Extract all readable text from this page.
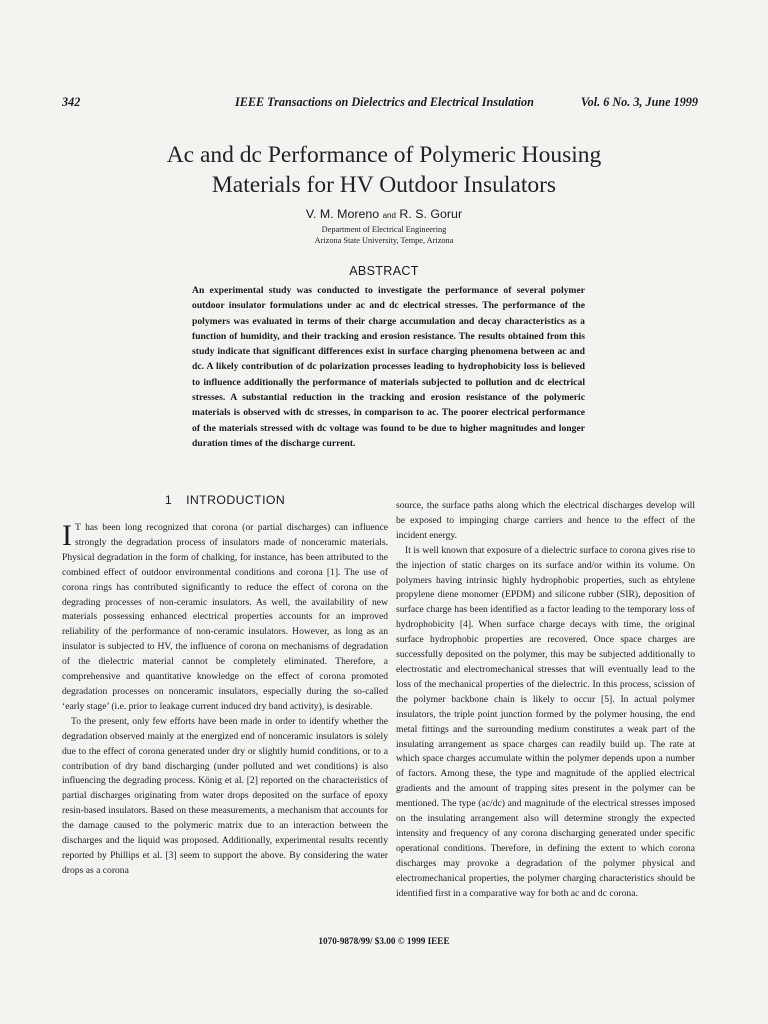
342	IEEE Transactions on Dielectrics and Electrical Insulation	Vol. 6 No. 3, June 1999
Ac and dc Performance of Polymeric Housing
Materials for HV Outdoor Insulators
V. M. Moreno and R. S. Gorur
Department of Electrical Engineering
Arizona State University, Tempe, Arizona
ABSTRACT
An experimental study was conducted to investigate the performance of several polymer outdoor insulator formulations under ac and dc electrical stresses. The performance of the polymers was evaluated in terms of their charge accumulation and decay characteristics as a function of humidity, and their tracking and erosion resistance. The results obtained from this study indicate that significant differences exist in surface charging phenomena between ac and dc. A likely contribution of dc polarization processes leading to hydrophobicity loss is believed to influence additionally the performance of materials subjected to pollution and dc electrical stresses. A substantial reduction in the tracking and erosion resistance of the polymeric materials is observed with dc stresses, in comparison to ac. The poorer electrical performance of the materials stressed with dc voltage was found to be due to higher magnitudes and longer duration times of the discharge current.
1 INTRODUCTION

I T has been long recognized that corona (or partial discharges) can influence strongly the degradation process of insulators made of nonceramic materials. Physical degradation in the form of chalking, for instance, has been attributed to the combined effect of outdoor environmental conditions and corona [1]. The use of corona rings has contributed significantly to reduce the effect of corona on the degrading processes of non-ceramic insulators. As well, the availability of new materials possessing enhanced electrical properties accounts for an improved reliability of the performance of non-ceramic insulators. However, as long as an insulator is subjected to HV, the influence of corona on mechanisms of degradation of the dielectric material cannot be completely eliminated. Therefore, a comprehensive and quantitative knowledge on the effect of corona promoted degradation processes on nonceramic insulators, especially during the so-called ‘early stage’ (i.e. prior to leakage current induced dry band activity), is desirable.

To the present, only few efforts have been made in order to identify whether the degradation observed mainly at the energized end of nonceramic insulators is solely due to the effect of corona generated under dry or slightly humid conditions, or to a contribution of dry band discharging (under polluted and wet conditions) is also influencing the degrading process. König et al. [2] reported on the characteristics of partial discharges originating from water drops deposited on the surface of epoxy resin-based insulators. Based on these measurements, a mechanism that accounts for the damage caused to the polymeric matrix due to an interaction between the discharges and the liquid was proposed. Additionally, experimental results recently reported by Phillips et al. [3] seem to support the above. By considering the water drops as a corona

source, the surface paths along which the electrical discharges develop will be exposed to impinging charge carriers and hence to the effect of the incident energy.

It is well known that exposure of a dielectric surface to corona gives rise to the injection of static charges on its surface and/or within its volume. On polymers having intrinsic highly hydrophobic properties, such as ehtylene propylene diene monomer (EPDM) and silicone rubber (SIR), deposition of surface charge has been identified as a factor leading to the temporary loss of hydrophobicity [4]. When surface charge decays with time, the original surface hydrophobic properties are recovered. Once space charges are successfully deposited on the polymer, this may be subjected additionally to electrostatic and electromechanical stresses that will eventually lead to the loss of the mechanical properties of the dielectric. In this process, scission of the polymer backbone chain is likely to occur [5]. In actual polymer insulators, the triple point junction formed by the polymer housing, the end metal fittings and the surrounding medium constitutes a weak part of the insulating arrangement as space charges can readily build up. The rate at which space charges accumulate within the polymer depends upon a number of factors. Among these, the type and magnitude of the applied electrical gradients and the amount of trapping sites present in the polymer can be mentioned. The type (ac/dc) and magnitude of the electrical stresses imposed on the insulating arrangement also will determine strongly the expected intensity and frequency of any corona discharging generated under specific operational conditions. Therefore, in defining the extent to which corona discharges may provoke a degradation of the polymer physical and electromechanical properties, the polymer charging characteristics should be identified first in a comparative way for both ac and dc corona.

1070-9878/99/ $3.00 © 1999 IEEE
